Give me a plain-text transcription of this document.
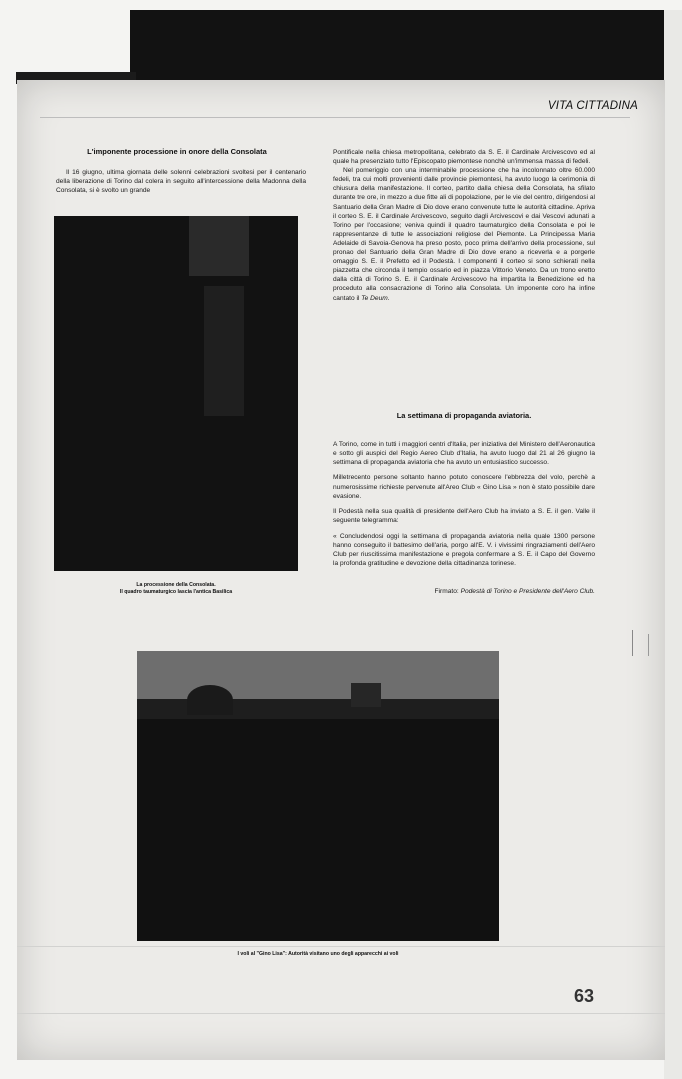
VITA CITTADINA
L'imponente processione in onore della Consolata

Il 16 giugno, ultima giornata delle solenni celebrazioni svoltesi per il centenario della liberazione di Torino dal colera in seguito all'intercessione della Madonna della Consolata, si è svolto un grande

La processione della Consolata.
Il quadro taumaturgico lascia l'antica Basilica

Pontificale nella chiesa metropolitana, celebrato da S. E. il Cardinale Arcivescovo ed al quale ha presenziato tutto l'Episcopato piemontese nonchè un'immensa massa di fedeli.

Nel pomeriggio con una interminabile processione che ha incolonnato oltre 60.000 fedeli, tra cui molti provenienti dalle provincie piemontesi, ha avuto luogo la cerimonia di chiusura della manifestazione. Il corteo, partito dalla chiesa della Consolata, ha sfilato durante tre ore, in mezzo a due fitte ali di popolazione, per le vie del centro, dirigendosi al Santuario della Gran Madre di Dio dove erano convenute tutte le autorità cittadine. Apriva il corteo S. E. il Cardinale Arcivescovo, seguito dagli Arcivescovi e dai Vescovi adunati a Torino per l'occasione; veniva quindi il quadro taumaturgico della Consolata e poi le rappresentanze di tutte le associazioni religiose del Piemonte. La Principessa Maria Adelaide di Savoia-Genova ha preso posto, poco prima dell'arrivo della processione, sul pronao del Santuario della Gran Madre di Dio dove erano a riceverla e a porgerle omaggio S. E. il Prefetto ed il Podestà. I componenti il corteo si sono schierati nella piazzetta che circonda il tempio ossario ed in piazza Vittorio Veneto. Da un trono eretto dalla città di Torino S. E. il Cardinale Arcivescovo ha impartita la Benedizione ed ha proceduto alla consacrazione di Torino alla Consolata. Un imponente coro ha infine cantato il Te Deum.

La settimana di propaganda aviatoria.

A Torino, come in tutti i maggiori centri d'Italia, per iniziativa del Ministero dell'Aeronautica e sotto gli auspici del Regio Aereo Club d'Italia, ha avuto luogo dal 21 al 26 giugno la settimana di propaganda aviatoria che ha avuto un entusiastico successo.

Milletrecento persone soltanto hanno potuto conoscere l'ebbrezza del volo, perchè a numerosissime richieste pervenute all'Areo Club « Gino Lisa » non è stato possibile dare evasione.

Il Podestà nella sua qualità di presidente dell'Aero Club ha inviato a S. E. il gen. Valle il seguente telegramma:

« Concludendosi oggi la settimana di propaganda aviatoria nella quale 1300 persone hanno conseguito il battesimo dell'aria, porgo all'E. V. i vivissimi ringraziamenti dell'Aero Club per riuscitissima manifestazione e pregola confermare a S. E. il Capo del Governo la profonda gratitudine e devozione della cittadinanza torinese.

Firmato: Podestà di Torino e Presidente dell'Aero Club.
I voli al "Gino Lisa": Autorità visitano uno degli apparecchi ai voli
63
